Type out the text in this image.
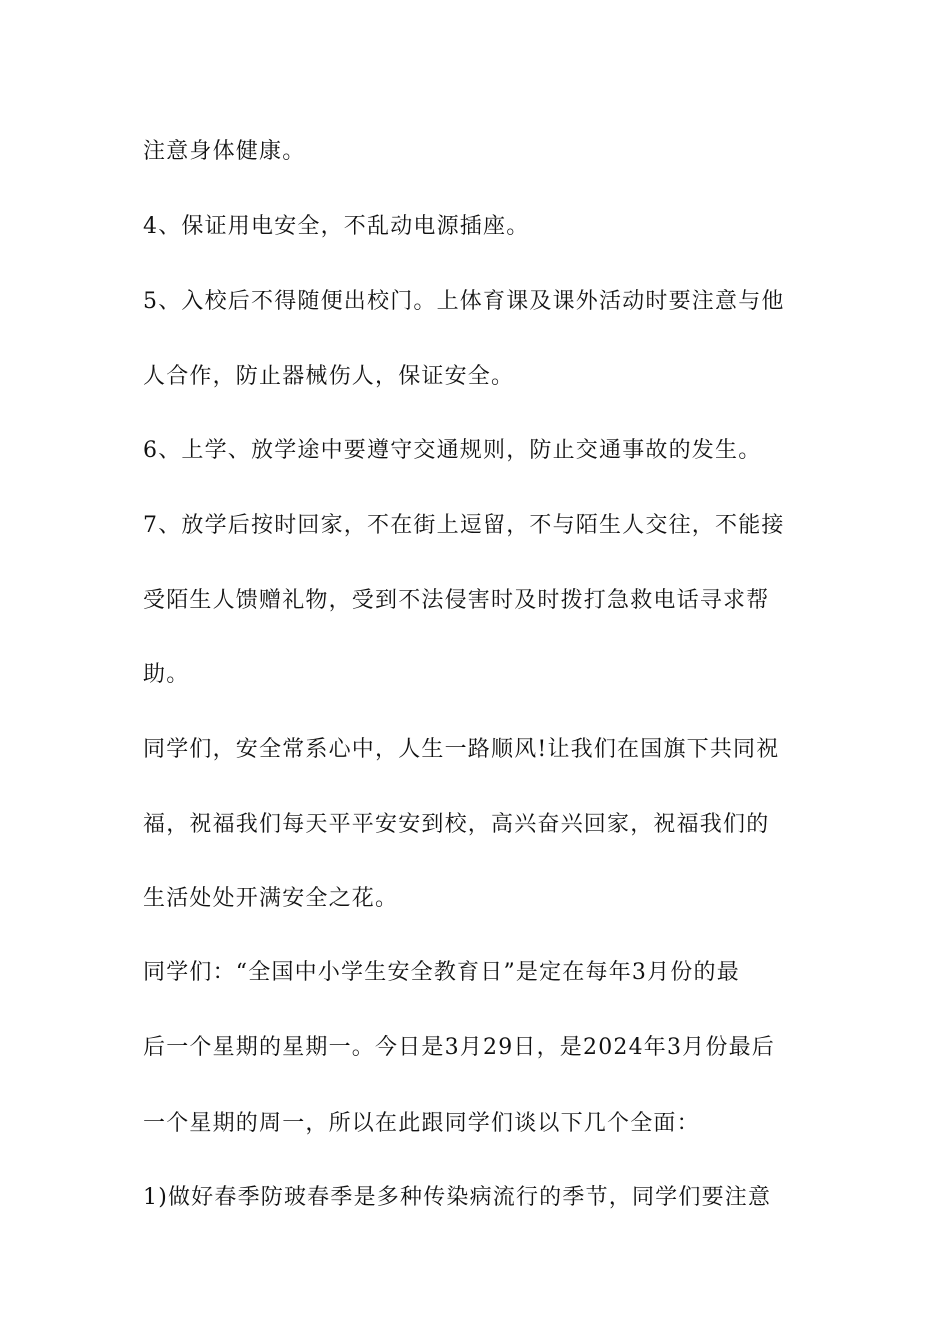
注意身体健康。
4、保证用电安全，不乱动电源插座。
5、入校后不得随便出校门。上体育课及课外活动时要注意与他
人合作，防止器械伤人，保证安全。
6、上学、放学途中要遵守交通规则，防止交通事故的发生。
7、放学后按时回家，不在街上逗留，不与陌生人交往，不能接
受陌生人馈赠礼物，受到不法侵害时及时拨打急救电话寻求帮
助。
同学们，安全常系心中，人生一路顺风!让我们在国旗下共同祝
福，祝福我们每天平平安安到校，高兴奋兴回家，祝福我们的
生活处处开满安全之花。
同学们：“全国中小学生安全教育日”是定在每年3月份的最
后一个星期的星期一。今日是3月29日，是2024年3月份最后
一个星期的周一，所以在此跟同学们谈以下几个全面：
1)做好春季防玻春季是多种传染病流行的季节，同学们要注意
